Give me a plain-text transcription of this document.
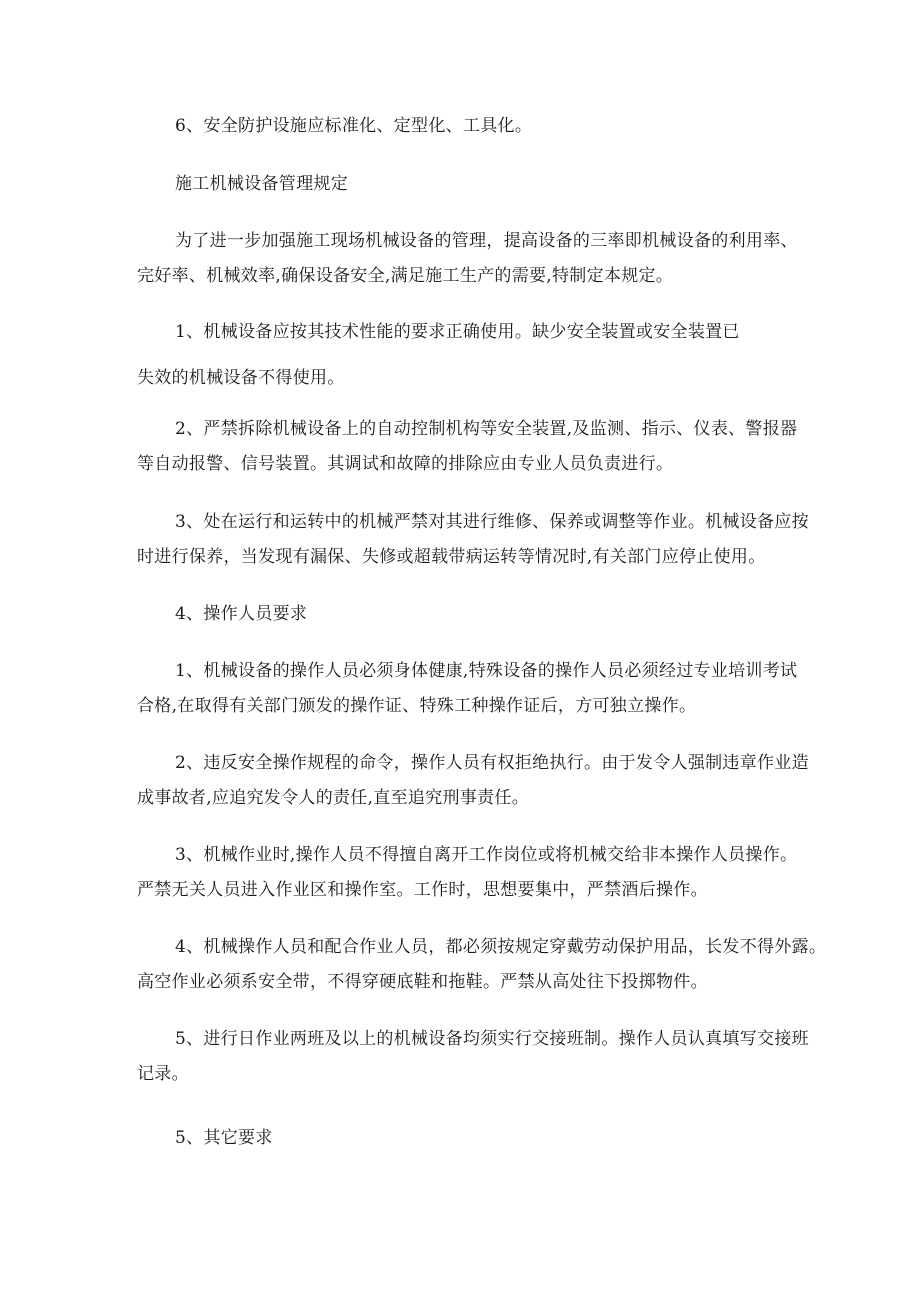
6、安全防护设施应标准化、定型化、工具化。
施工机械设备管理规定
为了进一步加强施工现场机械设备的管理，提高设备的三率即机械设备的利用率、
完好率、机械效率,确保设备安全,满足施工生产的需要,特制定本规定。
1、机械设备应按其技术性能的要求正确使用。缺少安全装置或安全装置已
失效的机械设备不得使用。
2、严禁拆除机械设备上的自动控制机构等安全装置,及监测、指示、仪表、警报器
等自动报警、信号装置。其调试和故障的排除应由专业人员负责进行。
3、处在运行和运转中的机械严禁对其进行维修、保养或调整等作业。机械设备应按
时进行保养，当发现有漏保、失修或超载带病运转等情况时,有关部门应停止使用。
4、操作人员要求
1、机械设备的操作人员必须身体健康,特殊设备的操作人员必须经过专业培训考试
合格,在取得有关部门颁发的操作证、特殊工种操作证后，方可独立操作。
2、违反安全操作规程的命令，操作人员有权拒绝执行。由于发令人强制违章作业造
成事故者,应追究发令人的责任,直至追究刑事责任。
3、机械作业时,操作人员不得擅自离开工作岗位或将机械交给非本操作人员操作。
严禁无关人员进入作业区和操作室。工作时，思想要集中，严禁酒后操作。
4、机械操作人员和配合作业人员，都必须按规定穿戴劳动保护用品，长发不得外露。
高空作业必须系安全带，不得穿硬底鞋和拖鞋。严禁从高处往下投掷物件。
5、进行日作业两班及以上的机械设备均须实行交接班制。操作人员认真填写交接班
记录。
5、其它要求
